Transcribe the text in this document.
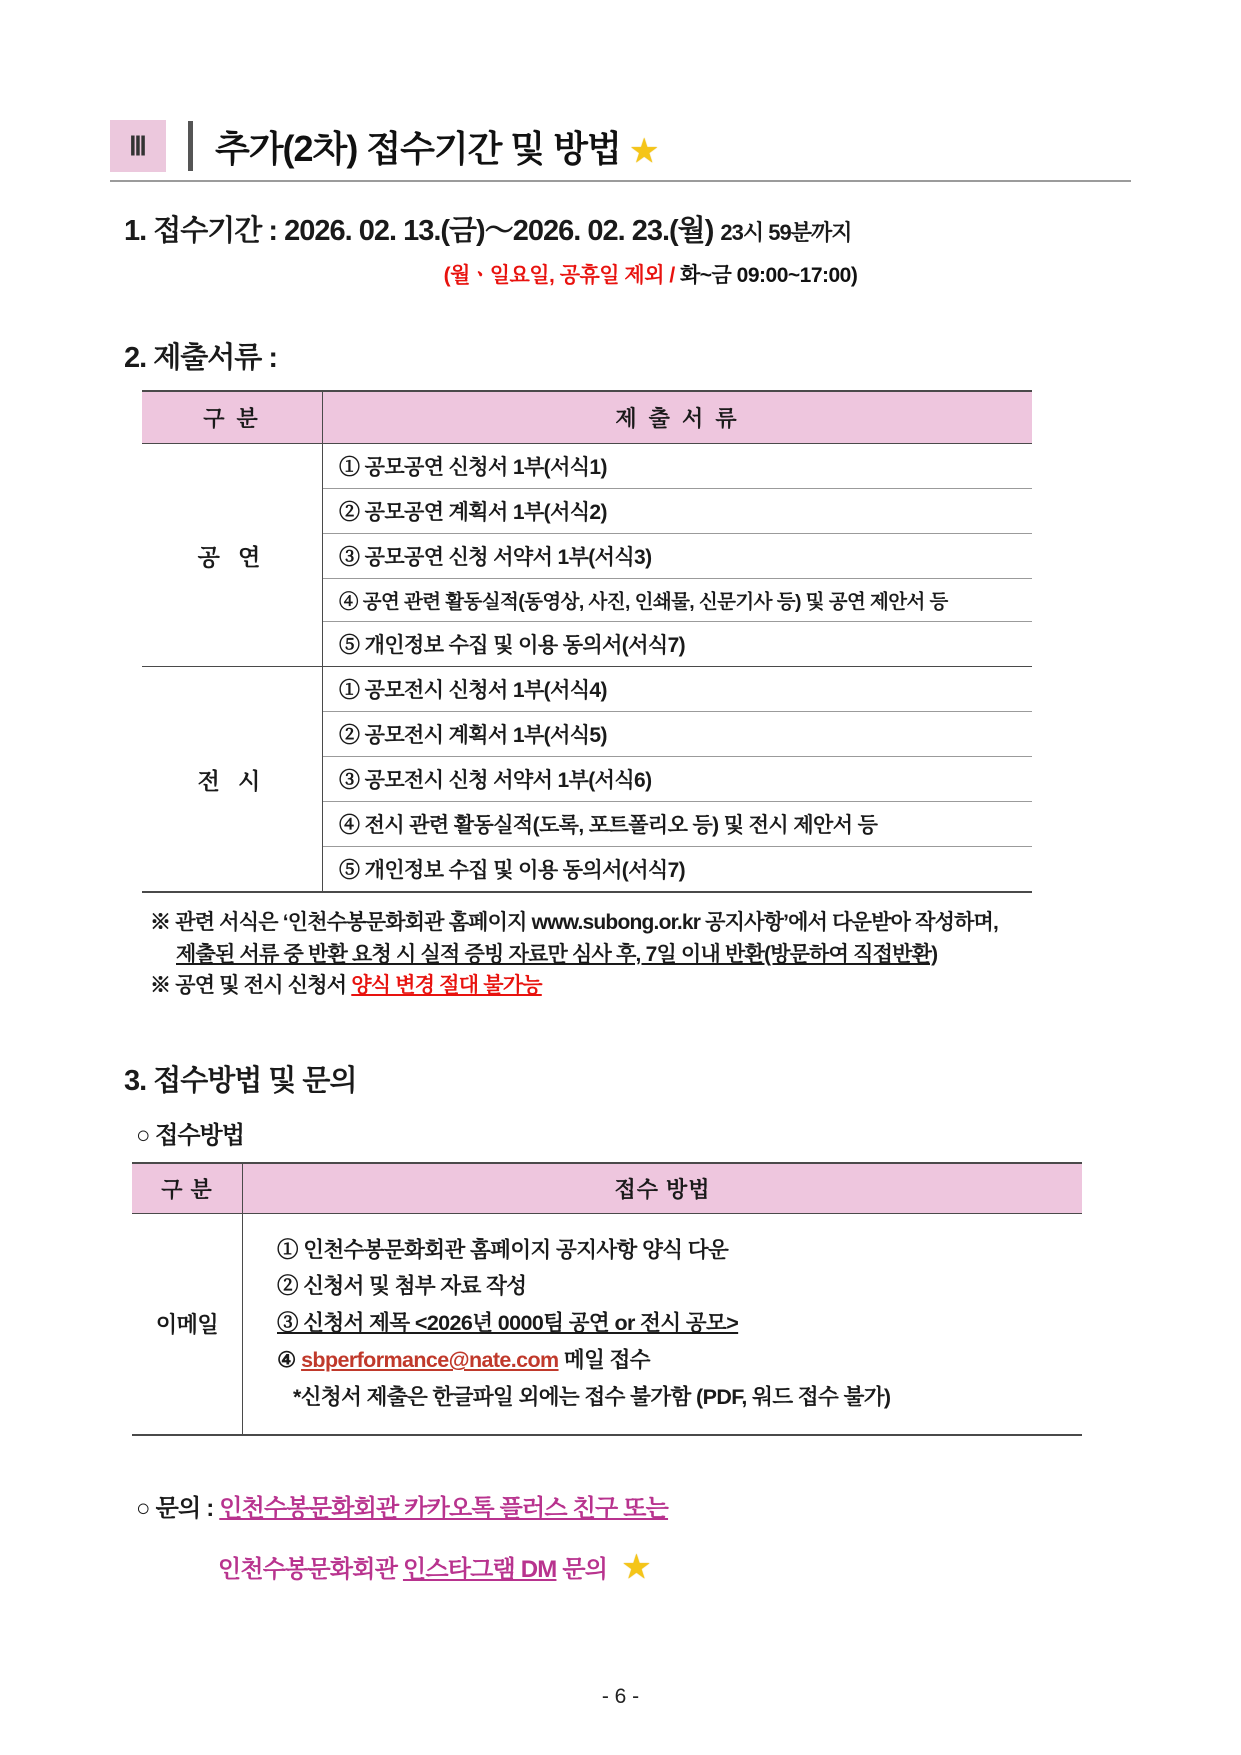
Ⅲ	추가(2차) 접수기간 및 방법 ★
1. 접수기간 : 2026. 02. 13.(금)～2026. 02. 23.(월) 23시 59분까지
(월ㆍ일요일, 공휴일 제외 / 화~금 09:00~17:00)
2. 제출서류 :
구 분	제 출 서 류
공 연	① 공모공연 신청서 1부(서식1)
	② 공모공연 계획서 1부(서식2)
	③ 공모공연 신청 서약서 1부(서식3)
	④ 공연 관련 활동실적(동영상, 사진, 인쇄물, 신문기사 등) 및 공연 제안서 등
	⑤ 개인정보 수집 및 이용 동의서(서식7)
전 시	① 공모전시 신청서 1부(서식4)
	② 공모전시 계획서 1부(서식5)
	③ 공모전시 신청 서약서 1부(서식6)
	④ 전시 관련 활동실적(도록, 포트폴리오 등) 및 전시 제안서 등
	⑤ 개인정보 수집 및 이용 동의서(서식7)
※ 관련 서식은 ‘인천수봉문화회관 홈페이지 www.subong.or.kr 공지사항’에서 다운받아 작성하며,
제출된 서류 중 반환 요청 시 실적 증빙 자료만 심사 후, 7일 이내 반환(방문하여 직접반환)
※ 공연 및 전시 신청서 양식 변경 절대 불가능
3. 접수방법 및 문의
○ 접수방법
구 분	접수 방법
이메일	① 인천수봉문화회관 홈페이지 공지사항 양식 다운
② 신청서 및 첨부 자료 작성
③ 신청서 제목 <2026년 0000팀 공연 or 전시 공모>
④ sbperformance@nate.com 메일 접수
*신청서 제출은 한글파일 외에는 접수 불가함 (PDF, 워드 접수 불가)
○ 문의 : 인천수봉문화회관 카카오톡 플러스 친구 또는
인천수봉문화회관 인스타그램 DM 문의 ★
- 6 -
